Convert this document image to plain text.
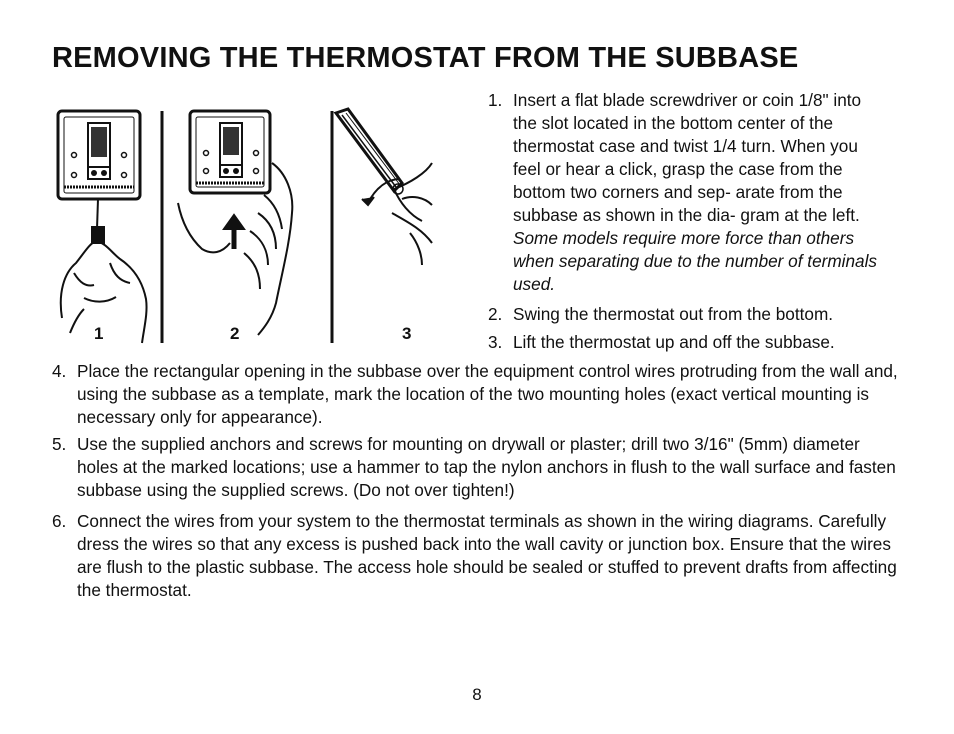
REMOVING THE THERMOSTAT FROM THE SUBBASE
1	2	3
1. Insert a flat blade screwdriver or coin 1/8" into the slot located in the bottom center of the thermostat case and twist 1/4 turn. When you feel or hear a click, grasp the case from the bottom two corners and sep- arate from the subbase as shown in the dia- gram at the left. Some models require more force than others when separating due to the number of terminals used.
2. Swing the thermostat out from the bottom.
3. Lift the thermostat up and off the subbase.
4. Place the rectangular opening in the subbase over the equipment control wires protruding from the wall and, using the subbase as a template, mark the location of the two mounting holes (exact vertical mounting is necessary only for appearance).
5. Use the supplied anchors and screws for mounting on drywall or plaster; drill two 3/16" (5mm) diameter holes at the marked locations; use a hammer to tap the nylon anchors in flush to the wall surface and fasten subbase using the supplied screws. (Do not over tighten!)
6. Connect the wires from your system to the thermostat terminals as shown in the wiring diagrams. Carefully dress the wires so that any excess is pushed back into the wall cavity or junction box. Ensure that the wires are flush to the plastic subbase. The access hole should be sealed or stuffed to prevent drafts from affecting the thermostat.
8
